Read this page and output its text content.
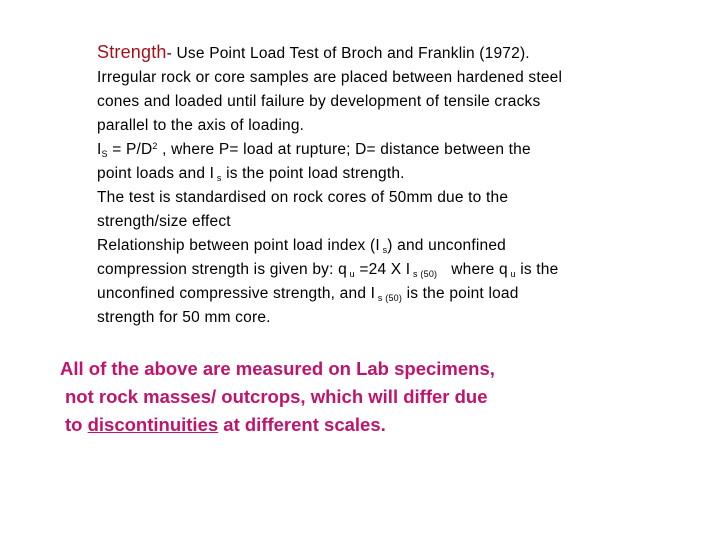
Strength- Use Point Load Test of Broch and Franklin (1972).
Irregular rock or core samples are placed between hardened steel
cones and loaded until failure by development of tensile cracks
parallel to the axis of loading.
$I_S = P/D^2$ , where P= load at rupture; D= distance between the
point loads and I $_s$ is the point load strength.
The test is standardised on rock cores of 50mm due to the
strength/size effect
Relationship between point load index (I $_s$) and unconfined
compression strength is given by: q $_u$ =24 X I $_{s (50)}$ where q $_u$ is the
unconfined compressive strength, and I $_{s (50)}$ is the point load
strength for 50 mm core.
All of the above are measured on Lab specimens,
not rock masses/ outcrops, which will differ due
to discontinuities at different scales.
